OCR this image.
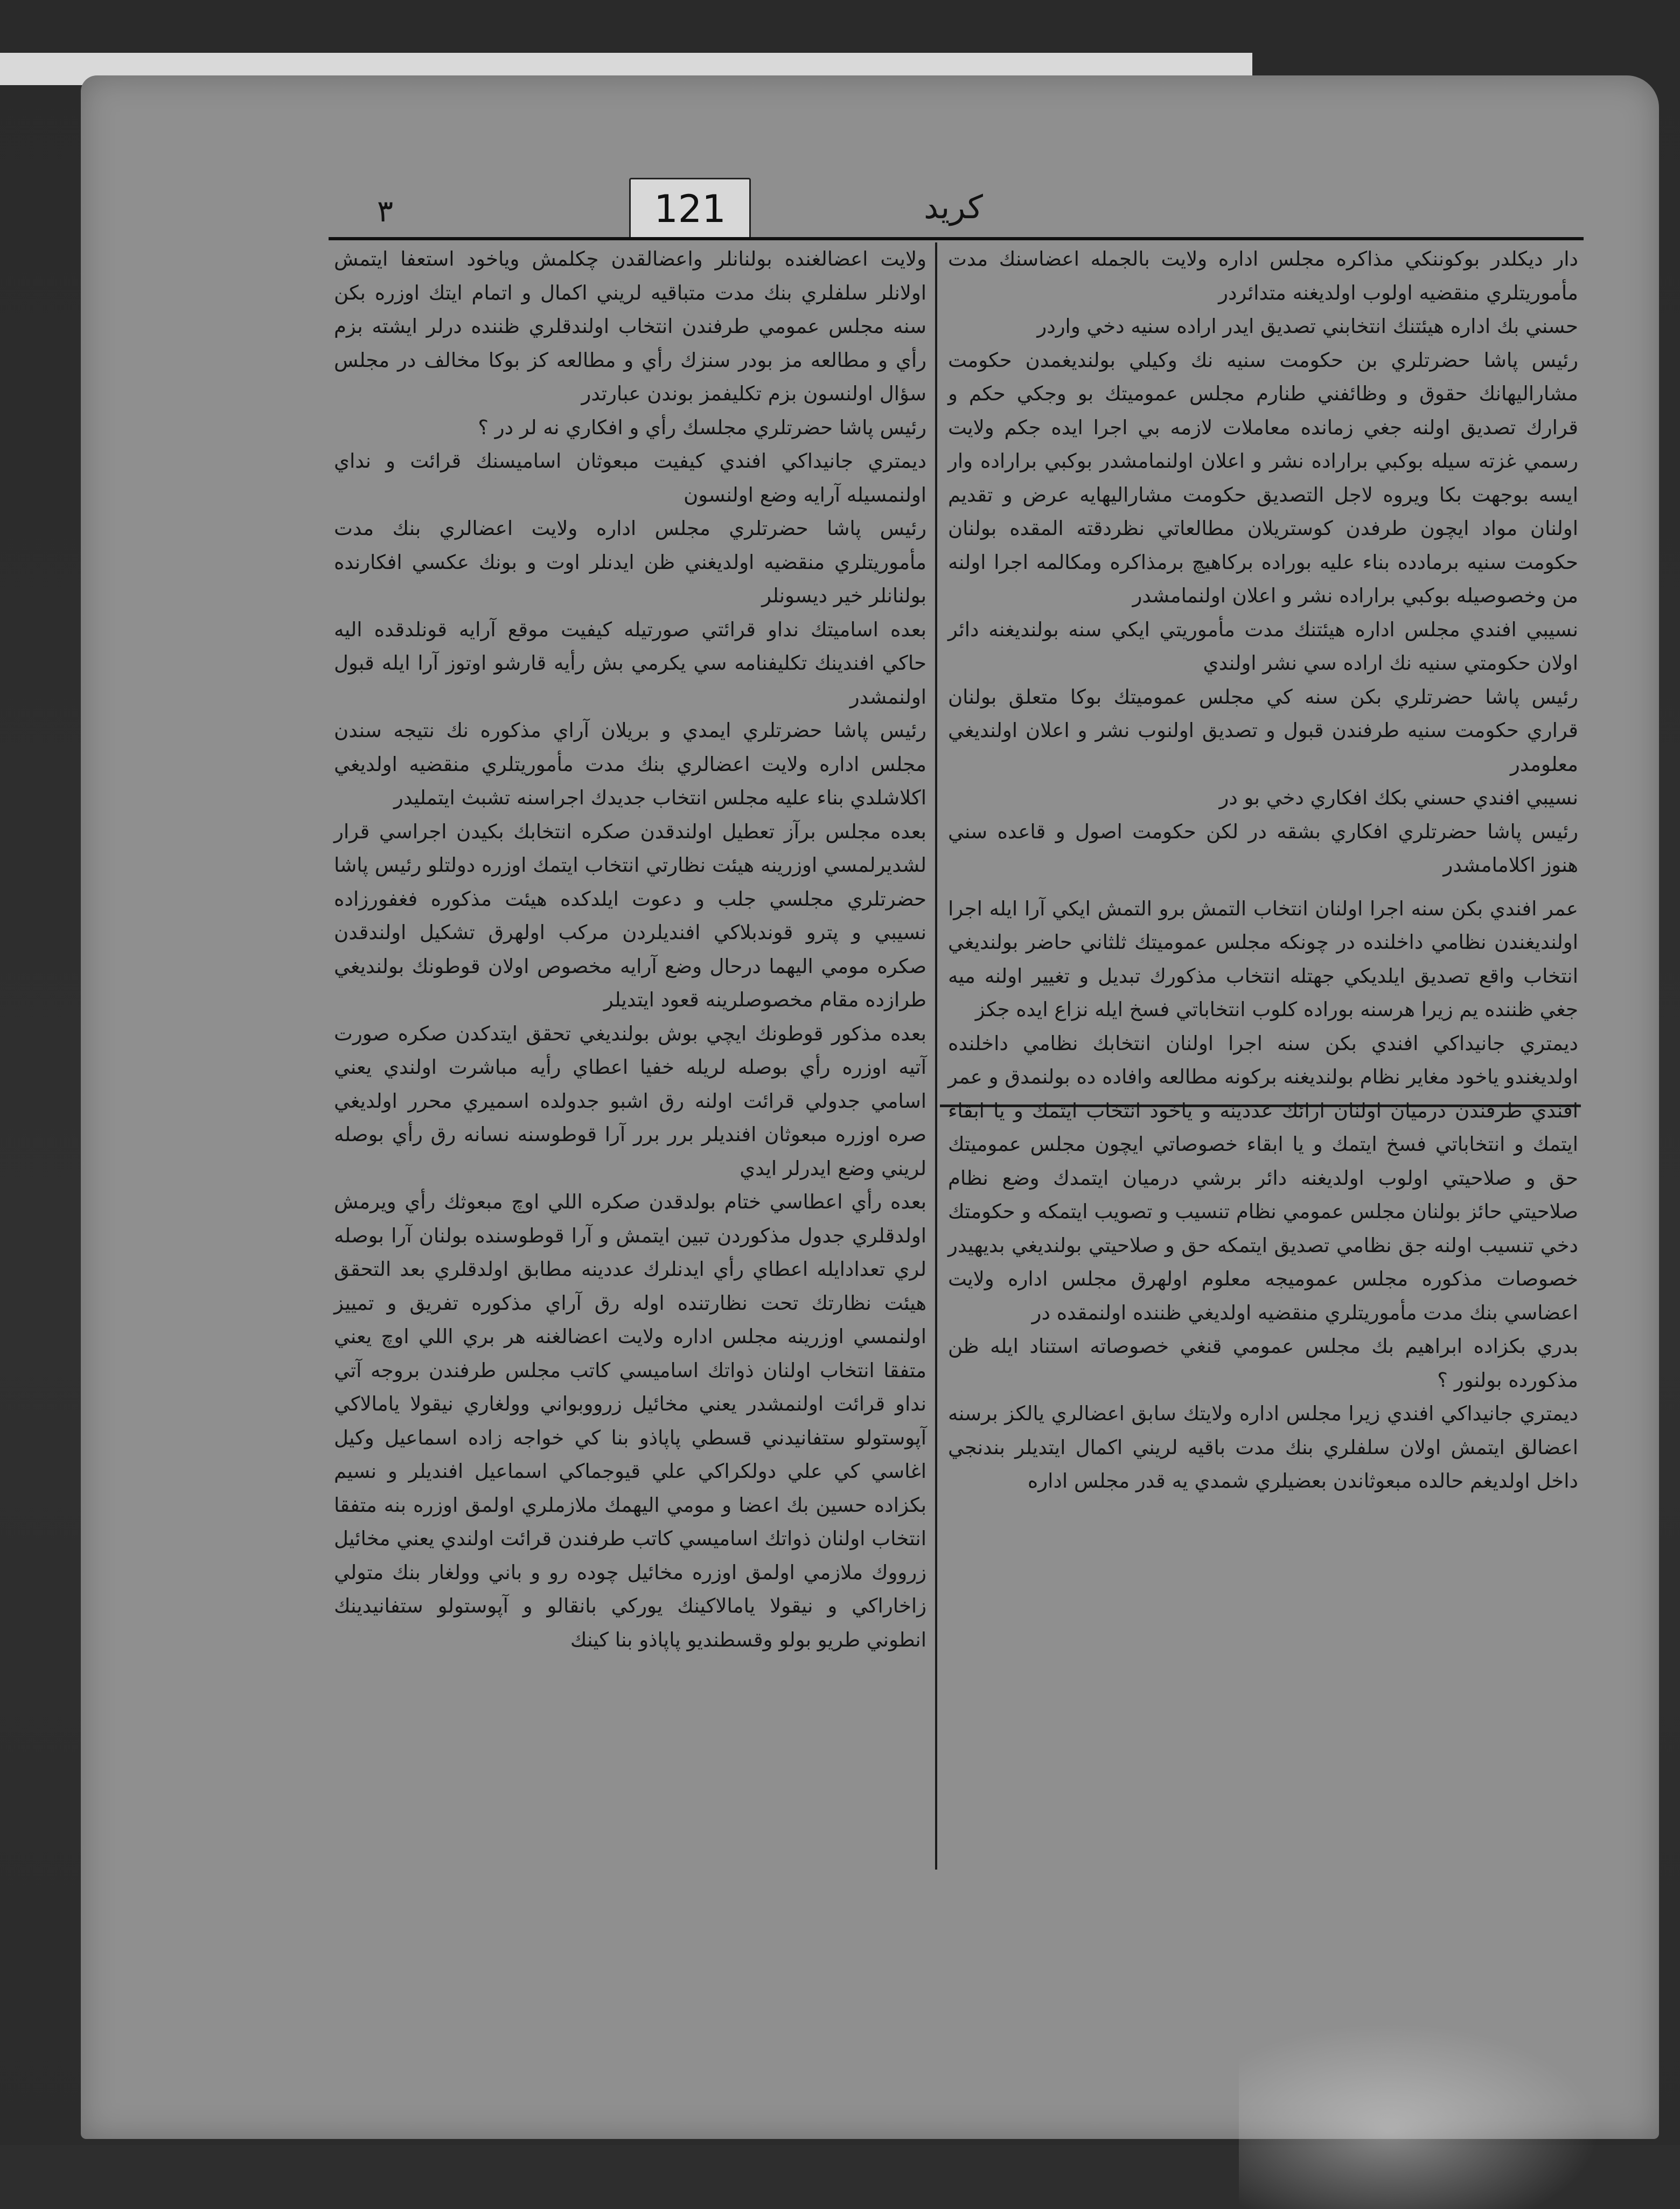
121
٣	کرید

دار ديكلدر بوكوننكي مذاكره مجلس اداره ولايت بالجمله اعضاسنك مدت مأموريتلري منقضيه اولوب اولديغنه متدائردر

حسني بك اداره هيئتنك انتخابني تصديق ايدر اراده سنيه دخي واردر

رئيس پاشا حضرتلري بن حكومت سنيه نك وكيلي بولنديغمدن حكومت مشارالیهانك حقوق و وظائفني طنارم مجلس عموميتك بو وجكي حكم و قرارك تصديق اولنه جغي زمانده معاملات لازمه بي اجرا ايده جكم ولايت رسمي غزته سيله بوكبي براراده نشر و اعلان اولنمامشدر بوكبي براراده وار ايسه بوجهت بكا ويروه لاجل التصديق حكومت مشارالیهايه عرض و تقديم اولنان مواد ايچون طرفدن كوستريلان مطالعاتي نظردقته المقده بولنان حكومت سنيه برمادده بناء عليه بوراده بركاهيچ برمذاكره ومكالمه اجرا اولنه من وخصوصيله بوكبي براراده نشر و اعلان اولنمامشدر

نسيبي افندي مجلس اداره هيئتنك مدت مأموريتي ايكي سنه بولنديغنه دائر اولان حكومتي سنيه نك اراده سي نشر اولندي

رئيس پاشا حضرتلري بكن سنه كي مجلس عموميتك بوكا متعلق بولنان قراري حكومت سنيه طرفندن قبول و تصديق اولنوب نشر و اعلان اولنديغي معلومدر

نسيبي افندي حسني بكك افكاري دخي بو در

رئيس پاشا حضرتلري افكاري بشقه در لكن حكومت اصول و قاعده سني هنوز اكلامامشدر

عمر افندي بكن سنه اجرا اولنان انتخاب التمش برو التمش ايكي آرا ايله اجرا اولنديغندن نظامي داخلنده در چونكه مجلس عموميتك ثلثاني حاضر بولنديغي انتخاب واقع تصديق ايلديكي جهتله انتخاب مذكورك تبديل و تغيير اولنه ميه جغي ظننده يم زيرا هرسنه بوراده كلوب انتخاباتي فسخ ايله نزاع ايده جكز

ديمتري جانيداكي افندي بكن سنه اجرا اولنان انتخابك نظامي داخلنده اولديغندو ياخود مغاير نظام بولنديغنه بركونه مطالعه وافاده ده بولنمدق و عمر افندي طرفندن درميان اولنان ارائك عددينه و ياخود انتخاب ايتمك و يا ابقاء ايتمك و انتخاباتي فسخ ايتمك و يا ابقاء خصوصاتي ايچون مجلس عموميتك حق و صلاحيتي اولوب اولديغنه دائر برشي درميان ايتمدك وضع نظام صلاحيتي حائز بولنان مجلس عمومي نظام تنسيب و تصويب ايتمكه و حكومتك دخي تنسيب اولنه جق نظامي تصديق ايتمكه حق و صلاحيتي بولنديغي بديهيدر خصوصات مذكوره مجلس عموميجه معلوم اولهرق مجلس اداره ولايت اعضاسي بنك مدت مأموريتلري منقضيه اولديغي ظننده اولنمقده در

بدري بكزاده ابراهيم بك مجلس عمومي قنغي خصوصاته استناد ايله ظن مذكورده بولنور ؟

ديمتري جانيداكي افندي زيرا مجلس اداره ولايتك سابق اعضالري يالكز برسنه اعضالق ايتمش اولان سلفلري بنك مدت باقيه لريني اكمال ايتديلر بندنجي داخل اولديغم حالده مبعوثاندن بعضيلري شمدي يه قدر مجلس اداره

ولايت اعضالغنده بولنانلر واعضالقدن چكلمش وياخود استعفا ايتمش اولانلر سلفلري بنك مدت متباقيه لريني اكمال و اتمام ايتك اوزره بكن سنه مجلس عمومي طرفندن انتخاب اولندقلري ظننده درلر ايشته بزم رأي و مطالعه مز بودر سنزك رأي و مطالعه كز بوكا مخالف در مجلس سؤال اولنسون بزم تكليفمز بوندن عبارتدر

رئيس پاشا حضرتلري مجلسك رأي و افكاري نه لر در ؟

ديمتري جانيداكي افندي كيفيت مبعوثان اساميسنك قرائت و نداي اولنمسيله آرايه وضع اولنسون

رئيس پاشا حضرتلري مجلس اداره ولايت اعضالري بنك مدت مأموريتلري منقضيه اولديغني ظن ايدنلر اوت و بونك عكسي افكارنده بولنانلر خير ديسونلر

بعده اساميتك نداو قرائتي صورتيله كيفيت موقع آرايه قونلدقده اليه حاكي افندينك تكليفنامه سي يكرمي بش رأيه قارشو اوتوز آرا ايله قبول اولنمشدر

رئيس پاشا حضرتلري ايمدي و بريلان آراي مذكوره نك نتيجه سندن مجلس اداره ولايت اعضالري بنك مدت مأموريتلري منقضيه اولديغي اكلاشلدي بناء عليه مجلس انتخاب جديدك اجراسنه تشبث ايتمليدر

بعده مجلس برآز تعطيل اولندقدن صكره انتخابك بكيدن اجراسي قرار لشديرلمسي اوزرينه هيئت نظارتي انتخاب ايتمك اوزره دولتلو رئيس پاشا حضرتلري مجلسي جلب و دعوت ايلدكده هيئت مذكوره فغفورزاده نسيبي و پترو قوندبلاكي افنديلردن مركب اولهرق تشكيل اولندقدن صكره مومي اليهما درحال وضع آرايه مخصوص اولان قوطونك بولنديغي طرازده مقام مخصوصلرينه قعود ايتديلر

بعده مذكور قوطونك ايچي بوش بولنديغي تحقق ايتدكدن صكره صورت آتيه اوزره رأي بوصله لريله خفيا اعطاي رأيه مباشرت اولندي يعني اسامي جدولي قرائت اولنه رق اشبو جدولده اسميري محرر اولديغي صره اوزره مبعوثان افنديلر برر برر آرا قوطوسنه نسانه رق رأي بوصله لريني وضع ايدرلر ايدي

بعده رأي اعطاسي ختام بولدقدن صكره اللي اوچ مبعوثك رأي ويرمش اولدقلري جدول مذكوردن تبين ايتمش و آرا قوطوسنده بولنان آرا بوصله لري تعدادايله اعطاي رأي ايدنلرك عددينه مطابق اولدقلري بعد التحقق هيئت نظارتك تحت نظارتنده اوله رق آراي مذكوره تفريق و تمييز اولنمسي اوزرينه مجلس اداره ولايت اعضالغنه هر بري اللي اوچ يعني متفقا انتخاب اولنان ذواتك اساميسي كاتب مجلس طرفندن بروجه آتي نداو قرائت اولنمشدر يعني مخائيل زرووبواني وولغاري نيقولا يامالاكي آپوستولو ستفانيدني قسطي پاپاذو بنا كي خواجه زاده اسماعيل وكيل اغاسي كي علي دولكراكي علي قيوجماكي اسماعيل افنديلر و نسيم بكزاده حسين بك اعضا و مومي اليهمك ملازملري اولمق اوزره بنه متفقا انتخاب اولنان ذواتك اساميسي كاتب طرفندن قرائت اولندي يعني مخائيل زرووك ملازمي اولمق اوزره مخائيل چوده رو و باني وولغار بنك متولي زاخاراكي و نيقولا يامالاكينك يوركي بانقالو و آپوستولو ستفانيدينك انطوني طريو بولو وقسطنديو پاپاذو بنا كينك
